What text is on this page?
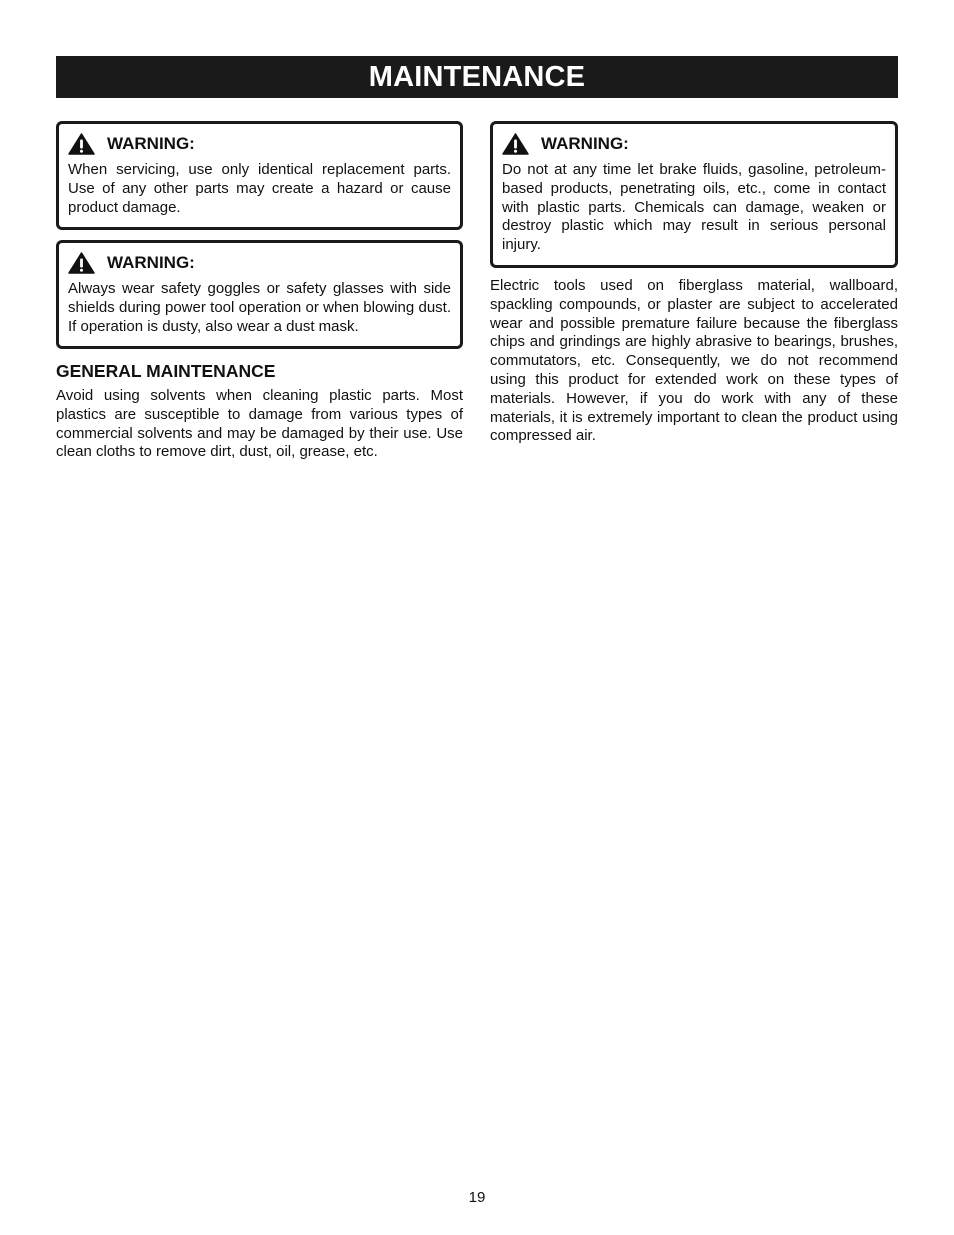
MAINTENANCE
WARNING:

When servicing, use only identical replacement parts. Use of any other parts may create a hazard or cause product damage.

WARNING:

Always wear safety goggles or safety glasses with side shields during power tool operation or when blowing dust. If operation is dusty, also wear a dust mask.

GENERAL MAINTENANCE

Avoid using solvents when cleaning plastic parts. Most plastics are susceptible to damage from various types of commercial solvents and may be damaged by their use. Use clean cloths to remove dirt, dust, oil, grease, etc.

WARNING:

Do not at any time let brake fluids, gasoline, petroleum-based products, penetrating oils, etc., come in contact with plastic parts. Chemicals can damage, weaken or destroy plastic which may result in serious personal injury.

Electric tools used on fiberglass material, wallboard, spackling compounds, or plaster are subject to accelerated wear and possible premature failure because the fiberglass chips and grindings are highly abrasive to bearings, brushes, commutators, etc. Consequently, we do not recommend using this product for extended work on these types of materials. However, if you do work with any of these materials, it is extremely important to clean the product using compressed air.

19
